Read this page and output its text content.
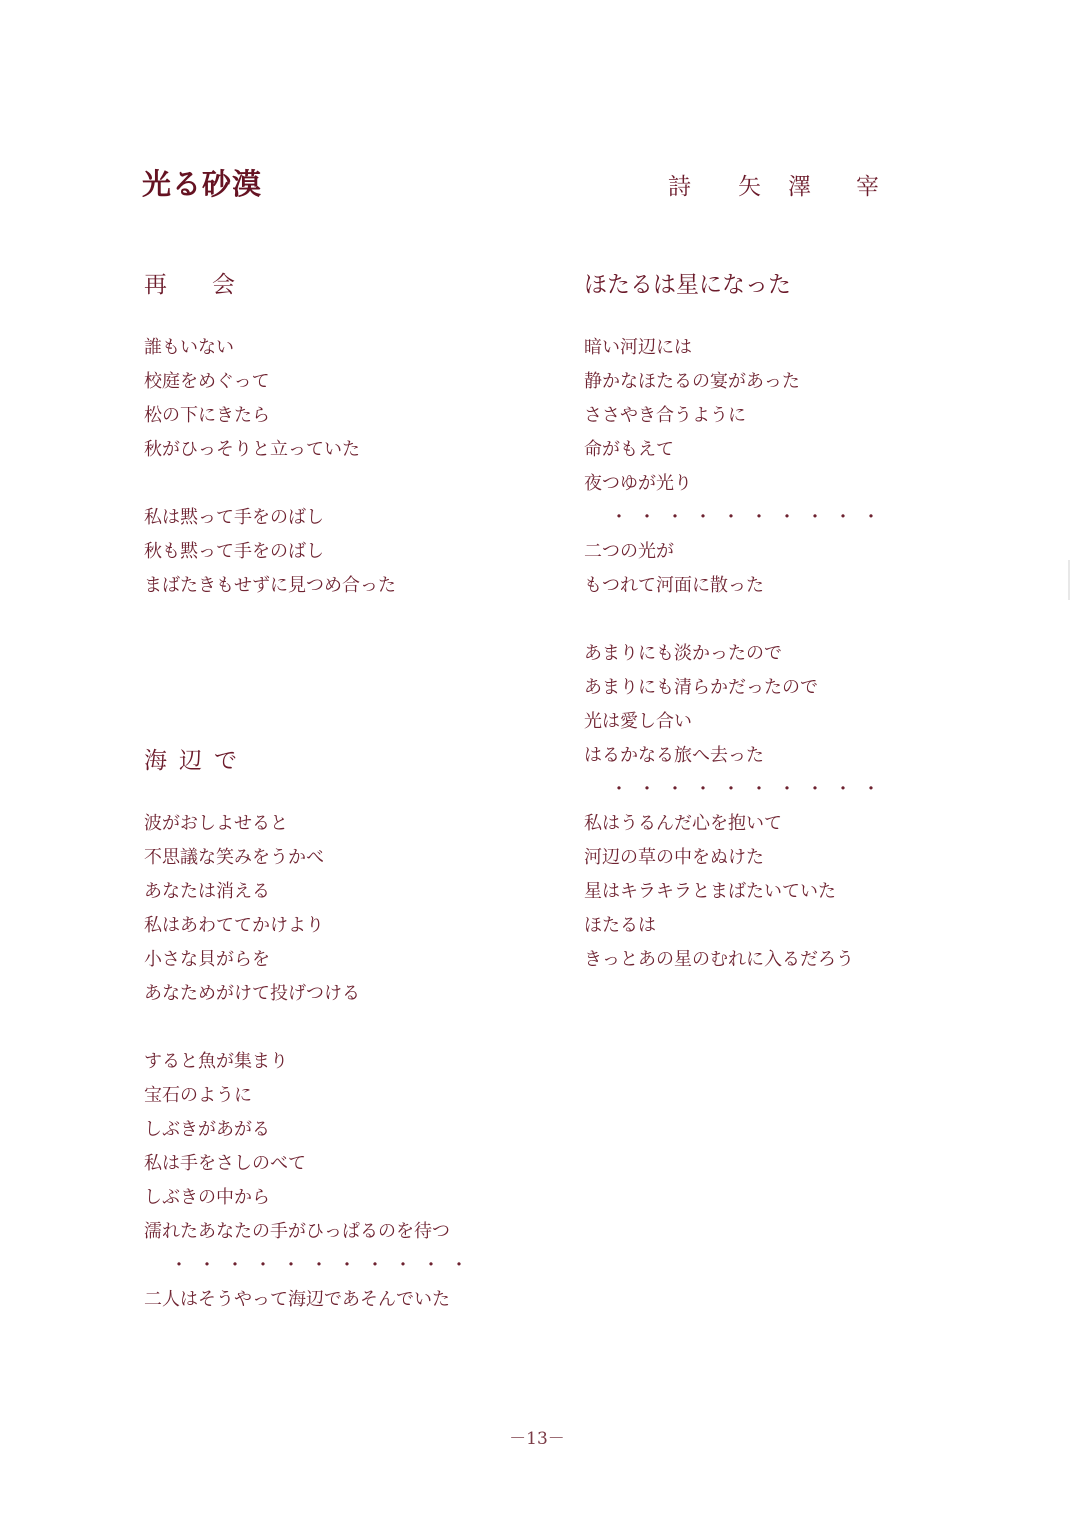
光る砂漠	詩 矢 澤 宰
再 会
誰もいない
校庭をめぐって
松の下にきたら
秋がひっそりと立っていた
私は黙って手をのばし
秋も黙って手をのばし
まばたきもせずに見つめ合った
海 辺 で
波がおしよせると
不思議な笑みをうかべ
あなたは消える
私はあわててかけより
小さな貝がらを
あなためがけて投げつける
すると魚が集まり
宝石のように
しぶきがあがる
私は手をさしのべて
しぶきの中から
濡れたあなたの手がひっぱるのを待つ
・・・・・・・・・・・
二人はそうやって海辺であそんでいた
ほたるは星になった
暗い河辺には
静かなほたるの宴があった
ささやき合うように
命がもえて
夜つゆが光り
・・・・・・・・・・
二つの光が
もつれて河面に散った
あまりにも淡かったので
あまりにも清らかだったので
光は愛し合い
はるかなる旅へ去った
・・・・・・・・・・
私はうるんだ心を抱いて
河辺の草の中をぬけた
星はキラキラとまばたいていた
ほたるは
きっとあの星のむれに入るだろう
－13－
